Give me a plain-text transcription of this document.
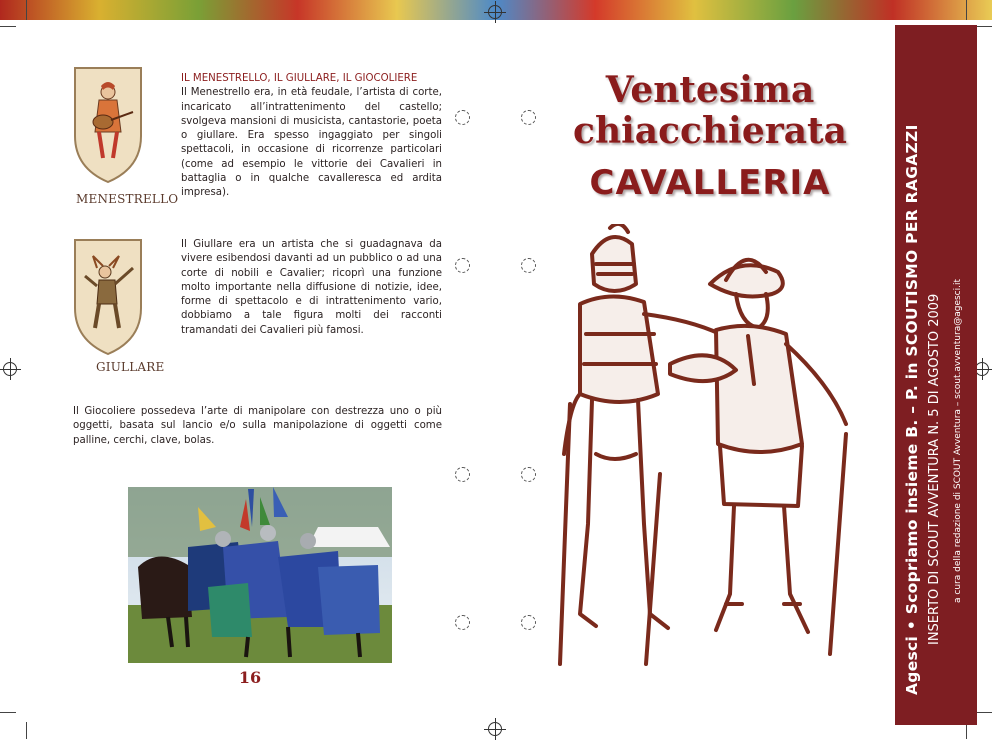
MENESTRELLO
IL MENESTRELLO, IL GIULLARE, IL GIOCOLIERE
Il Menestrello era, in età feudale, l’artista di corte, incaricato all’intrattenimento del castello; svolgeva mansioni di musicista, cantastorie, poeta o giullare. Era spesso ingaggiato per singoli spettacoli, in occasione di ricorrenze particolari (come ad esempio le vittorie dei Cavalieri in battaglia o in qualche cavalleresca ed ardita impresa).
GIULLARE
Il Giullare era un artista che si guadagnava da vivere esibendosi davanti ad un pubblico o ad una corte di nobili e Cavalier; ricoprì una funzione molto importante nella diffusione di notizie, idee, forme di spettacolo e di intrattenimento vario, dobbiamo a tale figura molti dei racconti tramandati dei Cavalieri più famosi.
Il Giocoliere possedeva l’arte di manipolare con destrezza uno o più oggetti, basata sul lancio e/o sulla manipolazione di oggetti come palline, cerchi, clave, bolas.
16
Ventesima
chiacchierata
CAVALLERIA	Agesci • Scopriamo insieme B. – P. in SCOUTISMO PER RAGAZZI INSERTO DI SCOUT AVVENTURA N. 5 DI AGOSTO 2009 a cura della redazione di SCOUT Avventura – scout.avventura@agesci.it
